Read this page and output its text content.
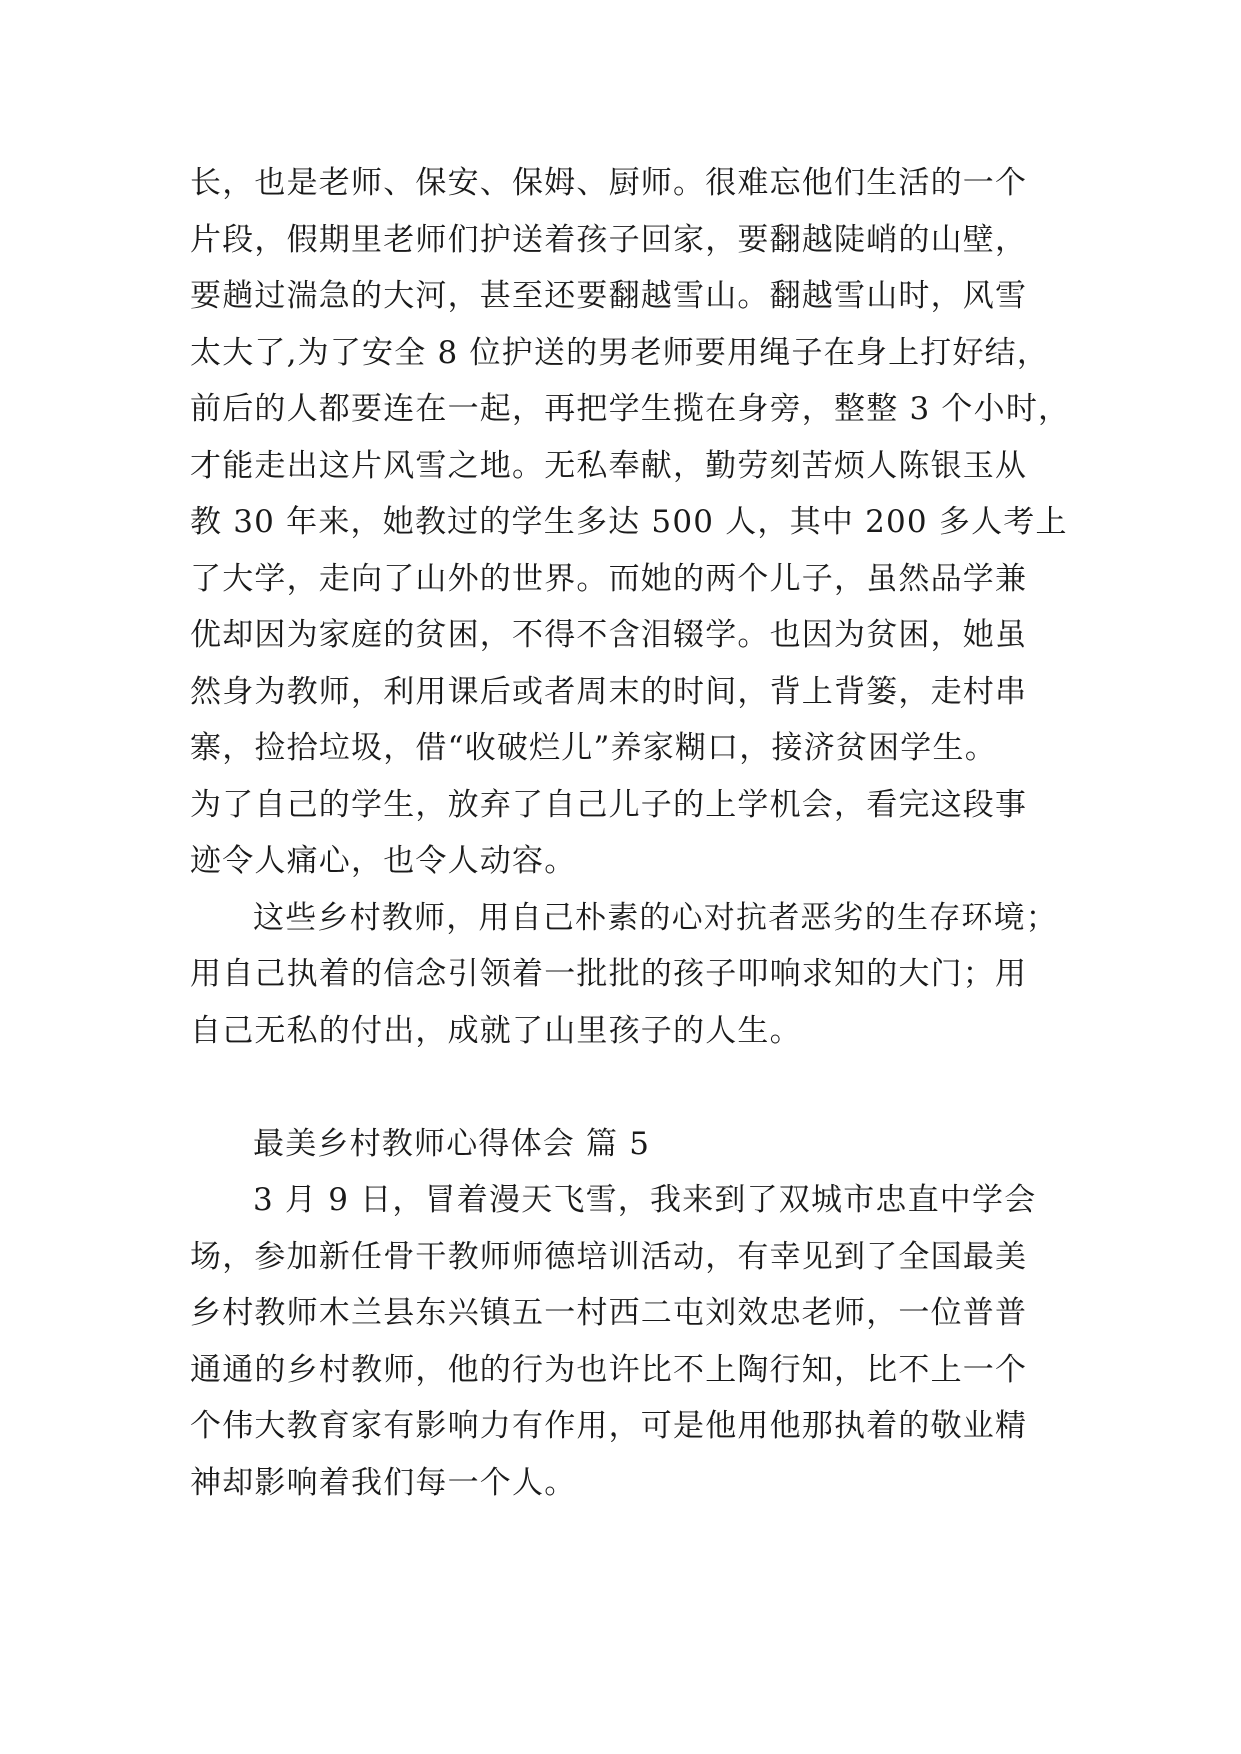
长，也是老师、保安、保姆、厨师。很难忘他们生活的一个
片段，假期里老师们护送着孩子回家，要翻越陡峭的山壁，
要趟过湍急的大河，甚至还要翻越雪山。翻越雪山时，风雪
太大了,为了安全 8 位护送的男老师要用绳子在身上打好结，
前后的人都要连在一起，再把学生揽在身旁，整整 3 个小时，
才能走出这片风雪之地。无私奉献，勤劳刻苦烦人陈银玉从
教 30 年来，她教过的学生多达 500 人，其中 200 多人考上
了大学，走向了山外的世界。而她的两个儿子，虽然品学兼
优却因为家庭的贫困，不得不含泪辍学。也因为贫困，她虽
然身为教师，利用课后或者周末的时间，背上背篓，走村串
寨，捡拾垃圾，借“收破烂儿”养家糊口，接济贫困学生。
为了自己的学生，放弃了自己儿子的上学机会，看完这段事
迹令人痛心，也令人动容。
这些乡村教师，用自己朴素的心对抗者恶劣的生存环境；
用自己执着的信念引领着一批批的孩子叩响求知的大门；用
自己无私的付出，成就了山里孩子的人生。
最美乡村教师心得体会 篇 5
3 月 9 日，冒着漫天飞雪，我来到了双城市忠直中学会
场，参加新任骨干教师师德培训活动，有幸见到了全国最美
乡村教师木兰县东兴镇五一村西二屯刘效忠老师，一位普普
通通的乡村教师，他的行为也许比不上陶行知，比不上一个
个伟大教育家有影响力有作用，可是他用他那执着的敬业精
神却影响着我们每一个人。
